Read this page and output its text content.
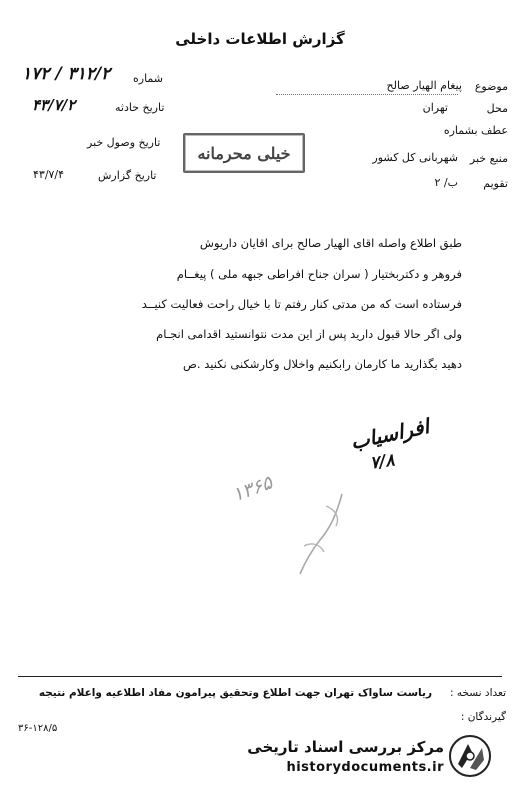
گزارش اطلاعات داخلی
موضوع
پیغام الهیار صالح
محل
تهران
عطف بشماره
منبع خبر
شهربانی کل کشور
تقویم
ب/ ۲
شماره
۳۱۲/۲ / ۱۷۲
تاریخ حادثه
۴۳/۷/۲
تاریخ وصول خبر
تاریخ گزارش
۴۳/۷/۴
خیلی محرمانه
طبق اطلاع واصله اقای الهیار صالح برای اقایان داریوش
فروهر و دکتربختیار ( سران جناح افراطی جبهه ملی ) پیغــام
فرستاده است که من مدتی کنار رفتم تا با خیال راحت فعالیت کنیــد
ولی اگر حالا قبول دارید پس از این مدت نتوانستید اقدامی انجـام
دهید بگذارید ما کارمان رابکنیم واخلال وکارشکنی نکنید .ص
افراسیاب
۷/۸
۱۳۶۵
تعداد نسخه :
ریاست ساواک تهران جهت اطلاع وتحقیق پیرامون مفاد اطلاعیه واعلام نتیجه
گیرندگان :
۳۶-۱۲۸/۵
مرکز بررسی اسناد تاریخی
historydocuments.ir
